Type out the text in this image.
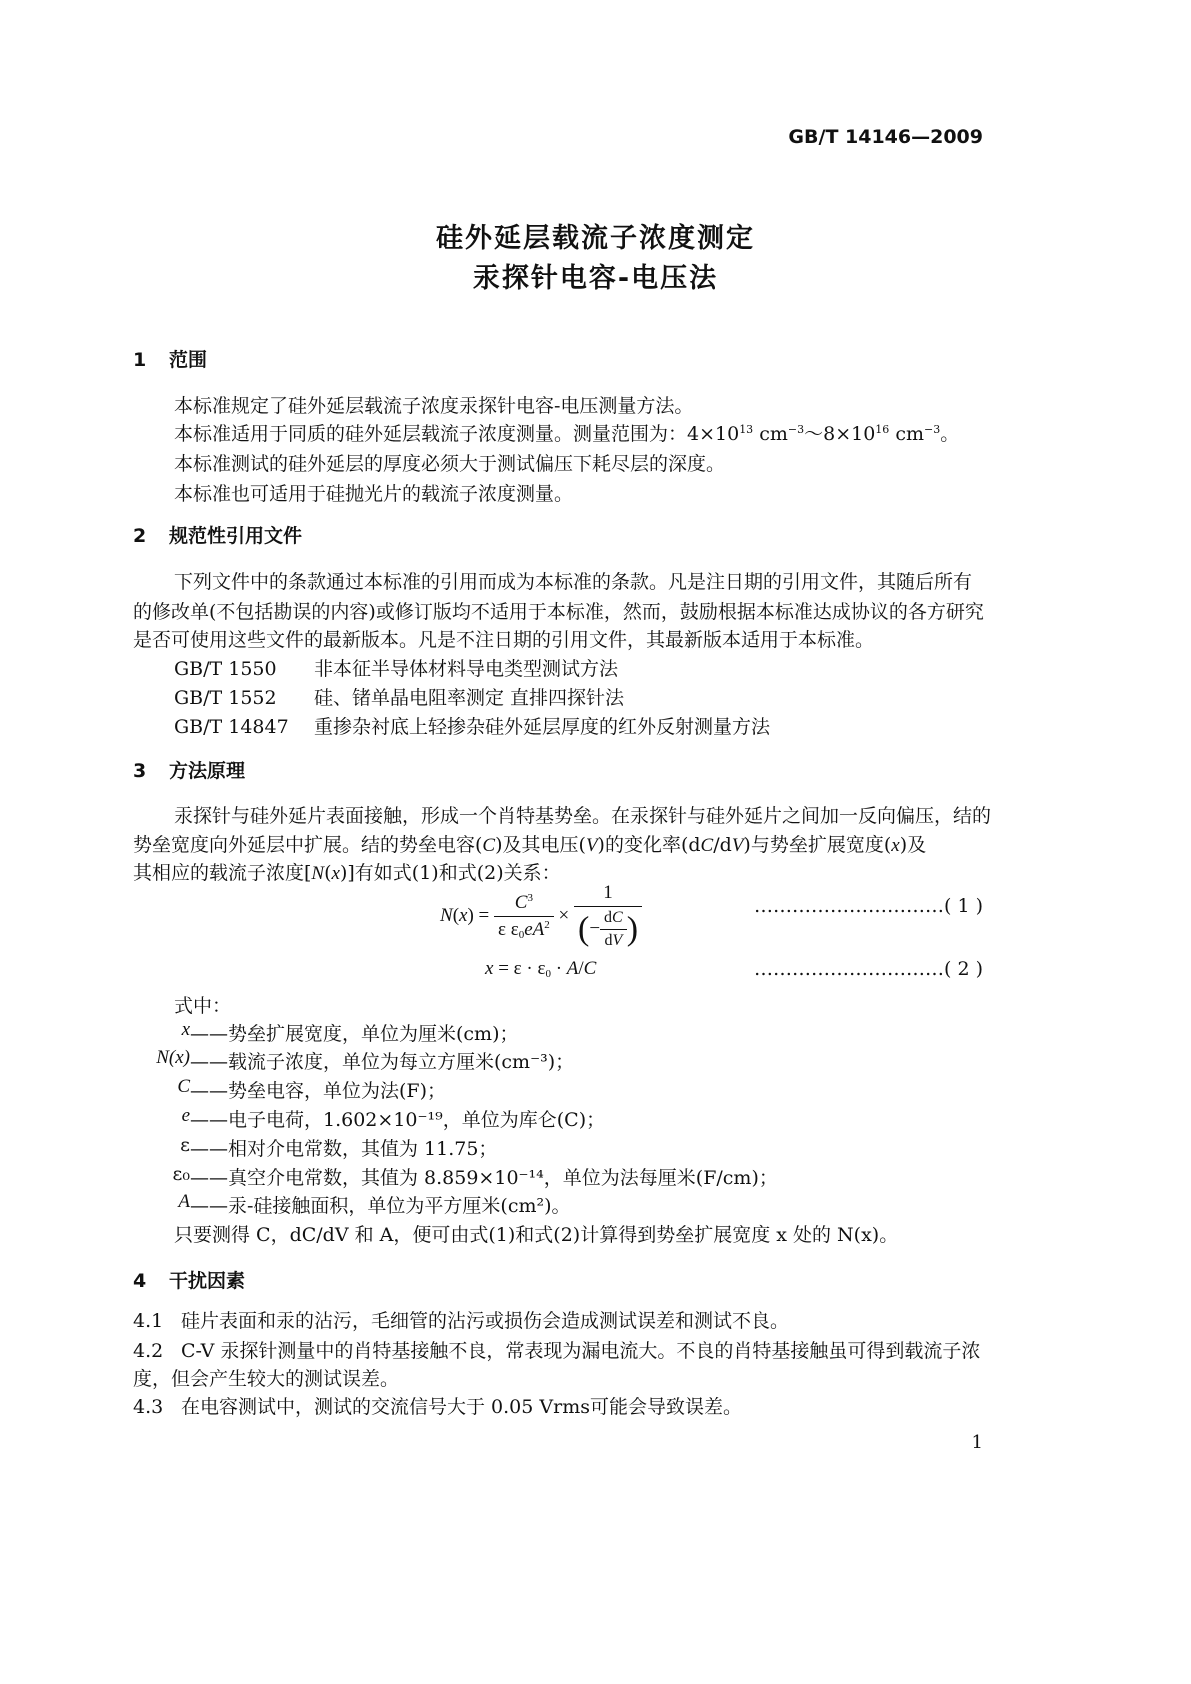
GB/T 14146—2009
硅外延层载流子浓度测定
汞探针电容-电压法
1 范围
本标准规定了硅外延层载流子浓度汞探针电容-电压测量方法。
本标准适用于同质的硅外延层载流子浓度测量。测量范围为：$4\times 10^{13}$ $cm^{-3}\sim 8\times 10^{16}$ $cm^{-3}$。
本标准测试的硅外延层的厚度必须大于测试偏压下耗尽层的深度。
本标准也可适用于硅抛光片的载流子浓度测量。
2 规范性引用文件
下列文件中的条款通过本标准的引用而成为本标准的条款。凡是注日期的引用文件，其随后所有
的修改单(不包括勘误的内容)或修订版均不适用于本标准，然而，鼓励根据本标准达成协议的各方研究
是否可使用这些文件的最新版本。凡是不注日期的引用文件，其最新版本适用于本标准。
GB/T 1550 非本征半导体材料导电类型测试方法
GB/T 1552 硅、锗单晶电阻率测定 直排四探针法
GB/T 14847 重掺杂衬底上轻掺杂硅外延层厚度的红外反射测量方法
3 方法原理
汞探针与硅外延片表面接触，形成一个肖特基势垒。在汞探针与硅外延片之间加一反向偏压，结的
势垒宽度向外延层中扩展。结的势垒电容(C)及其电压(V)的变化率(dC/dV)与势垒扩展宽度(x)及
其相应的载流子浓度[N(x)]有如式(1)和式(2)关系：
$N(x) = \frac{C^3}{\varepsilon \varepsilon_0eA^2} \times \frac{1}{(- \frac{dC}{dV} )}$	…………………………( 1 )
$x = \varepsilon \cdot \varepsilon_0 \cdot A/C$	…………………………( 2 )
式中：
x ——势垒扩展宽度，单位为厘米(cm)；
N(x) ——载流子浓度，单位为每立方厘米(cm⁻³)；
C ——势垒电容，单位为法(F)；
e ——电子电荷，1.602×10⁻¹⁹，单位为库仑(C)；
ε ——相对介电常数，其值为 11.75；
ε₀ ——真空介电常数，其值为 8.859×10⁻¹⁴，单位为法每厘米(F/cm)；
A ——汞-硅接触面积，单位为平方厘米(cm²)。
只要测得 C，dC/dV 和 A，便可由式(1)和式(2)计算得到势垒扩展宽度 x 处的 N(x)。
4 干扰因素
4.1 硅片表面和汞的沾污，毛细管的沾污或损伤会造成测试误差和测试不良。
4.2 C-V 汞探针测量中的肖特基接触不良，常表现为漏电流大。不良的肖特基接触虽可得到载流子浓
度，但会产生较大的测试误差。
4.3 在电容测试中，测试的交流信号大于 0.05 Vrms可能会导致误差。
1
